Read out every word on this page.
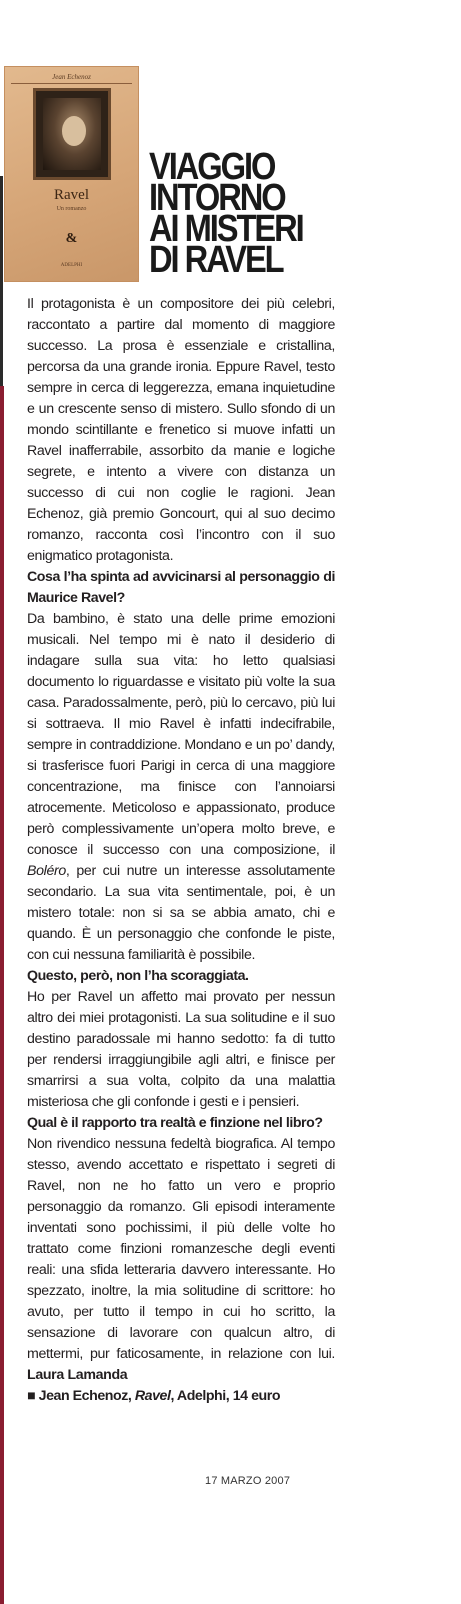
Jean Echenoz
Ravel
Un romanzo
&
ADELPHI
VIAGGIO
INTORNO
AI MISTERI
DI RAVEL

Il protagonista è un compositore dei più celebri, raccontato a partire dal momento di maggiore successo. La prosa è essenziale e cristallina, percorsa da una grande ironia. Eppure Ravel, testo sempre in cerca di leggerezza, emana inquietudine e un crescente senso di mistero. Sullo sfondo di un mondo scintillante e frenetico si muove infatti un Ravel inafferrabile, assorbito da manie e logiche segrete, e intento a vivere con distanza un successo di cui non coglie le ragioni. Jean Echenoz, già premio Goncourt, qui al suo decimo romanzo, racconta così l’incontro con il suo enigmatico protagonista.

Cosa l’ha spinta ad avvicinarsi al personaggio di Maurice Ravel?

Da bambino, è stato una delle prime emozioni musicali. Nel tempo mi è nato il desiderio di indagare sulla sua vita: ho letto qualsiasi documento lo riguardasse e visitato più volte la sua casa. Paradossalmente, però, più lo cercavo, più lui si sottraeva. Il mio Ravel è infatti indecifrabile, sempre in contraddizione. Mondano e un po’ dandy, si trasferisce fuori Parigi in cerca di una maggiore concentrazione, ma finisce con l’annoiarsi atrocemente. Meticoloso e appassionato, produce però complessivamente un’opera molto breve, e conosce il successo con una composizione, il Boléro, per cui nutre un interesse assolutamente secondario. La sua vita sentimentale, poi, è un mistero totale: non si sa se abbia amato, chi e quando. È un personaggio che confonde le piste, con cui nessuna familiarità è possibile.

Questo, però, non l’ha scoraggiata.

Ho per Ravel un affetto mai provato per nessun altro dei miei protagonisti. La sua solitudine e il suo destino paradossale mi hanno sedotto: fa di tutto per rendersi irraggiungibile agli altri, e finisce per smarrirsi a sua volta, colpito da una malattia misteriosa che gli confonde i gesti e i pensieri.

Qual è il rapporto tra realtà e finzione nel libro?

Non rivendico nessuna fedeltà biografica. Al tempo stesso, avendo accettato e rispettato i segreti di Ravel, non ne ho fatto un vero e proprio personaggio da romanzo. Gli episodi interamente inventati sono pochissimi, il più delle volte ho trattato come finzioni romanzesche degli eventi reali: una sfida letteraria davvero interessante. Ho spezzato, inoltre, la mia solitudine di scrittore: ho avuto, per tutto il tempo in cui ho scritto, la sensazione di lavorare con qualcun altro, di mettermi, pur faticosamente, in relazione con lui. Laura Lamanda

■ Jean Echenoz, Ravel, Adelphi, 14 euro

17 MARZO 2007
